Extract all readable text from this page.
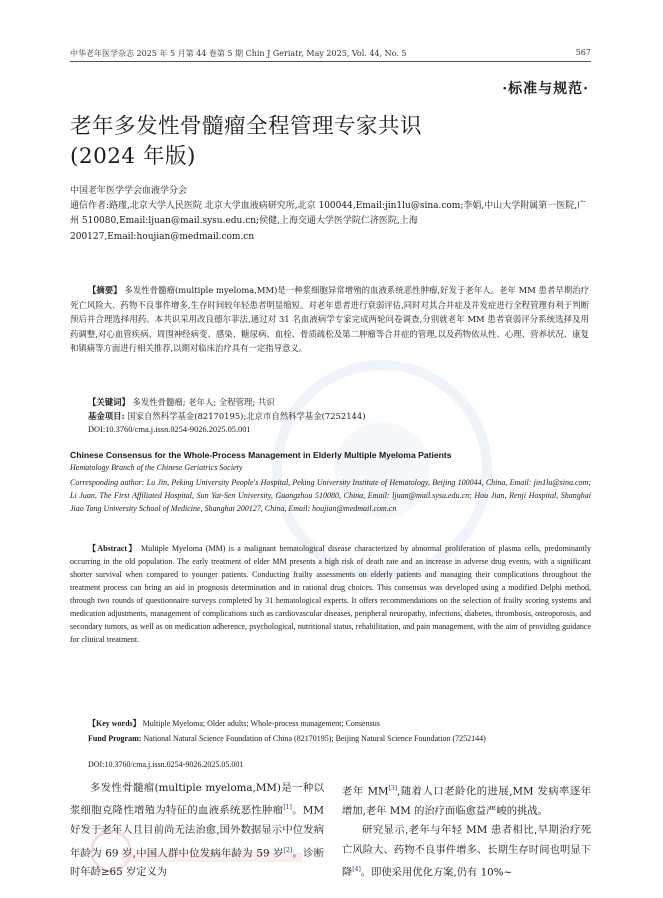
中华老年医学杂志 2025 年 5 月第 44 卷第 5 期 Chin J Geriatr, May 2025, Vol. 44, No. 5	567
·标准与规范·
老年多发性骨髓瘤全程管理专家共识
(2024 年版)
中国老年医学学会血液学分会
通信作者:路瑾,北京大学人民医院 北京大学血液病研究所,北京 100044,Email:jin1lu@sina.com;李娟,中山大学附属第一医院,广州 510080,Email:ljuan@mail.sysu.edu.cn;侯健,上海交通大学医学院仁济医院,上海 200127,Email:houjian@medmail.com.cn
【摘要】 多发性骨髓瘤(multiple myeloma,MM)是一种浆细胞异常增殖的血液系统恶性肿瘤,好发于老年人。老年 MM 患者早期治疗死亡风险大、药物不良事件增多,生存时间较年轻患者明显缩短。对老年患者进行衰弱评估,同时对其合并症及并发症进行全程管理有利于判断预后并合理选择用药。本共识采用改良德尔菲法,通过对 31 名血液病学专家完成两轮问卷调查,分别就老年 MM 患者衰弱评分系统选择及用药调整,对心血管疾病、周围神经病变、感染、糖尿病、血栓、骨质疏松及第二肿瘤等合并症的管理,以及药物依从性、心理、营养状况、康复和镇痛等方面进行相关推荐,以期对临床治疗具有一定指导意义。
【关键词】 多发性骨髓瘤; 老年人; 全程管理; 共识
基金项目: 国家自然科学基金(82170195);北京市自然科学基金(7252144)
DOI:10.3760/cma.j.issn.0254-9026.2025.05.001
Chinese Consensus for the Whole-Process Management in Elderly Multiple Myeloma Patients
Hematology Branch of the Chinese Geriatrics Society
Corresponding author: Lu Jin, Peking University People's Hospital, Peking University Institute of Hematology, Beijing 100044, China, Email: jin1lu@sina.com; Li Juan, The First Affiliated Hospital, Sun Yat-Sen University, Guangzhou 510080, China, Email: ljuan@mail.sysu.edu.cn; Hou Jian, Renji Hospital, Shanghai Jiao Tong University School of Medicine, Shanghai 200127, China, Email: houjian@medmail.com.cn
【Abstract】 Multiple Myeloma (MM) is a malignant hematological disease characterized by abnormal proliferation of plasma cells, predominantly occurring in the old population. The early treatment of elder MM presents a high risk of death rate and an increase in adverse drug events, with a significant shorter survival when compared to younger patients. Conducting frailty assessments on elderly patients and managing their complications throughout the treatment process can bring an aid in prognosis determination and in rational drug choices. This consensus was developed using a modified Delphi method, through two rounds of questionnaire surveys completed by 31 hematological experts. It offers recommendations on the selection of frailty scoring systems and medication adjustments, management of complications such as cardiovascular diseases, peripheral neuropathy, infections, diabetes, thrombosis, osteoporosis, and secondary tumors, as well as on medication adherence, psychological, nutritional status, rehabilitation, and pain management, with the aim of providing guidance for clinical treatment.
【Key words】 Multiple Myeloma; Older adults; Whole-process management; Consensus
Fund Program: National Natural Science Foundation of China (82170195); Beijing Natural Science Foundation (7252144)
DOI:10.3760/cma.j.issn.0254-9026.2025.05.001
多发性骨髓瘤(multiple myeloma,MM)是一种以浆细胞克隆性增殖为特征的血液系统恶性肿瘤[1]。MM 好发于老年人且目前尚无法治愈,国外数据显示中位发病年龄为 69 岁,中国人群中位发病年龄为 59 岁[2]。诊断时年龄≥65 岁定义为
老年 MM[3],随着人口老龄化的进展,MM 发病率逐年增加,老年 MM 的治疗面临愈益严峻的挑战。
研究显示,老年与年轻 MM 患者相比,早期治疗死亡风险大、药物不良事件增多、长期生存时间也明显下降[4]。即使采用优化方案,仍有 10%~
